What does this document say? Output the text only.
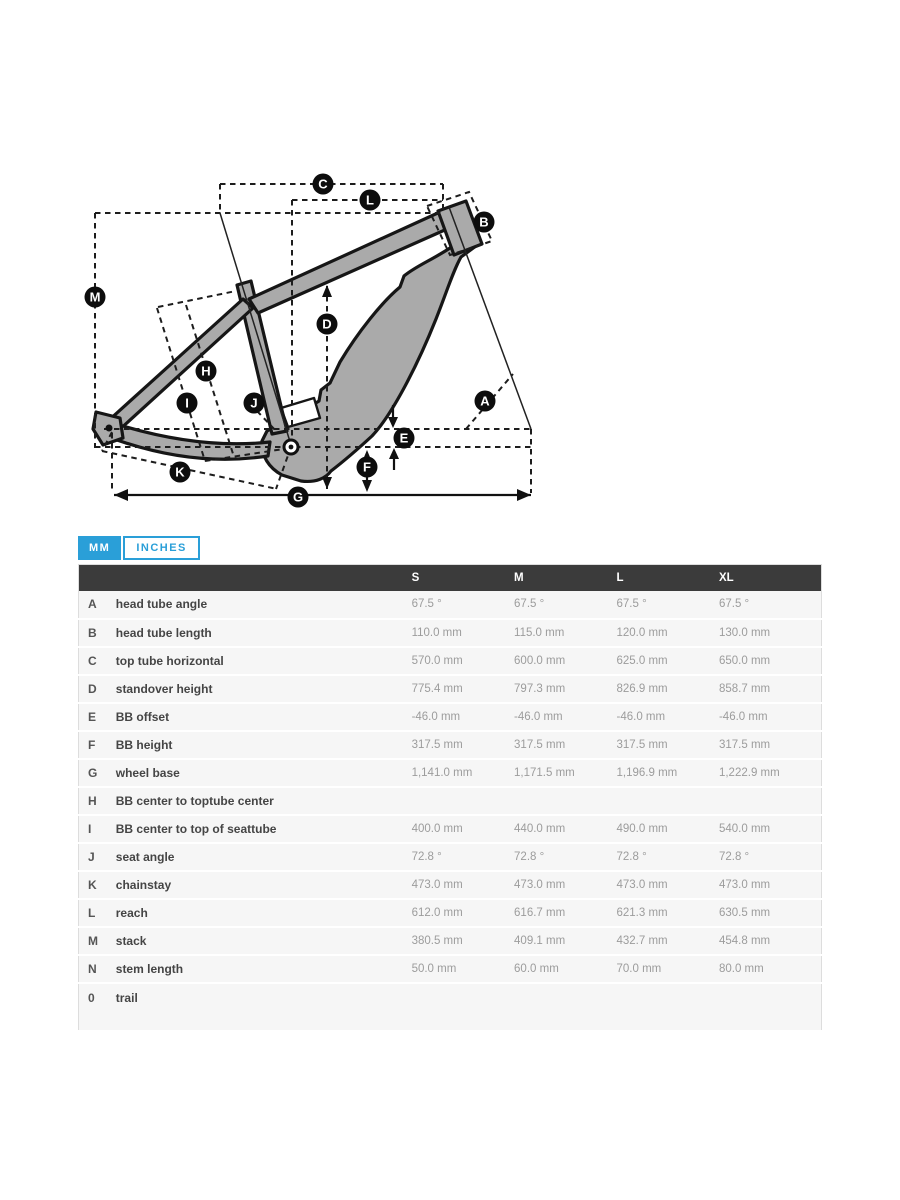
A
B
C
D
E
F
G
H
I	J
K
L
M
MM	INCHES
		S	M	L	XL
A	head tube angle	67.5 °	67.5 °	67.5 °	67.5 °
B	head tube length	110.0 mm	115.0 mm	120.0 mm	130.0 mm
C	top tube horizontal	570.0 mm	600.0 mm	625.0 mm	650.0 mm
D	standover height	775.4 mm	797.3 mm	826.9 mm	858.7 mm
E	BB offset	-46.0 mm	-46.0 mm	-46.0 mm	-46.0 mm
F	BB height	317.5 mm	317.5 mm	317.5 mm	317.5 mm
G	wheel base	1,141.0 mm	1,171.5 mm	1,196.9 mm	1,222.9 mm
H	BB center to toptube center				
I	BB center to top of seattube	400.0 mm	440.0 mm	490.0 mm	540.0 mm
J	seat angle	72.8 °	72.8 °	72.8 °	72.8 °
K	chainstay	473.0 mm	473.0 mm	473.0 mm	473.0 mm
L	reach	612.0 mm	616.7 mm	621.3 mm	630.5 mm
M	stack	380.5 mm	409.1 mm	432.7 mm	454.8 mm
N	stem length	50.0 mm	60.0 mm	70.0 mm	80.0 mm
0	trail				
